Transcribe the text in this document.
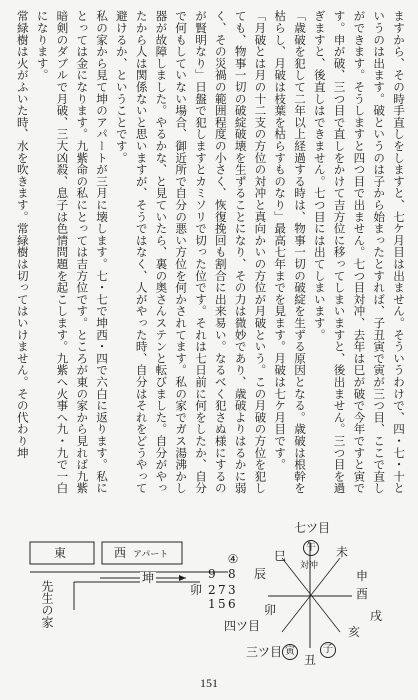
ますから、その時手直しをしますと、七ケ月目は出ません。そういうわけで、四・七・十というのは出ます。破というのは子から始まったとすれば、子丑寅で寅が三つ目、ここで直しができます。そうしますと四つ目で出ません。七つ目対冲、去年は巳が破で今年ですと寅です。申が破、三つ目で直しをかけて吉方位に移ってしまいますと、後出ません。三つ目を過ぎますと、後直しはできません。七つ目には出てしまいます。

「歳破を犯して二年以上経過する時は、物事一切の破綻を生ずる原因となる。歳破は根幹を枯らし、月破は枝葉を枯らすものなり」最高七年までを見ます。月破は七ケ月目です。

「月破とは月の十二支の方位の対冲と真向かいの方位が月破という。この月破の方位を犯しても、物事一切の破綻破壊を生ずることになり、その力は微妙であり、歳破よりはるかに弱く、その災禍の範囲程度の小さく、恢復挽回も割合に出来易い。なるべく犯さぬ様にするのが賢明なり」日盤で犯しますとカミソリで切った位です。それは七日前に何をしたか、自分で何もしていない場合、御近所で自分の悪い方位を何かされてます。私の家でガス湯沸かし器が故障しました。やるかな、と見ていたら、裏の奥さんステンと転びました。自分がやったから人は関係ないと思いますが、そうではなく、人がやった時、自分はそれをどうやって避けるか、ということです。

私の家から見て坤のアパートが三月に壊します。七・七で坤西・四で六白に返ります。私にとっては金になります。九紫命の私にとっては吉方位です。ところが東の家から見れば九紫暗剣のダブルで月破、三大凶殺、息子は色情問題を起こします。九紫へ火事へ九・九で一白になります。

常緑樹は火がふいた時、水を吹きます。常緑樹は切ってはいけません。その代わり坤

東	西 アパート
坤
先生の家
④
9 8
2 7 3
1 5 6
卯
七ツ目
午
対冲
巳	未
辰	申
酉
四ツ目
卯	戌
三ツ目 寅
丑
子
亥
151
